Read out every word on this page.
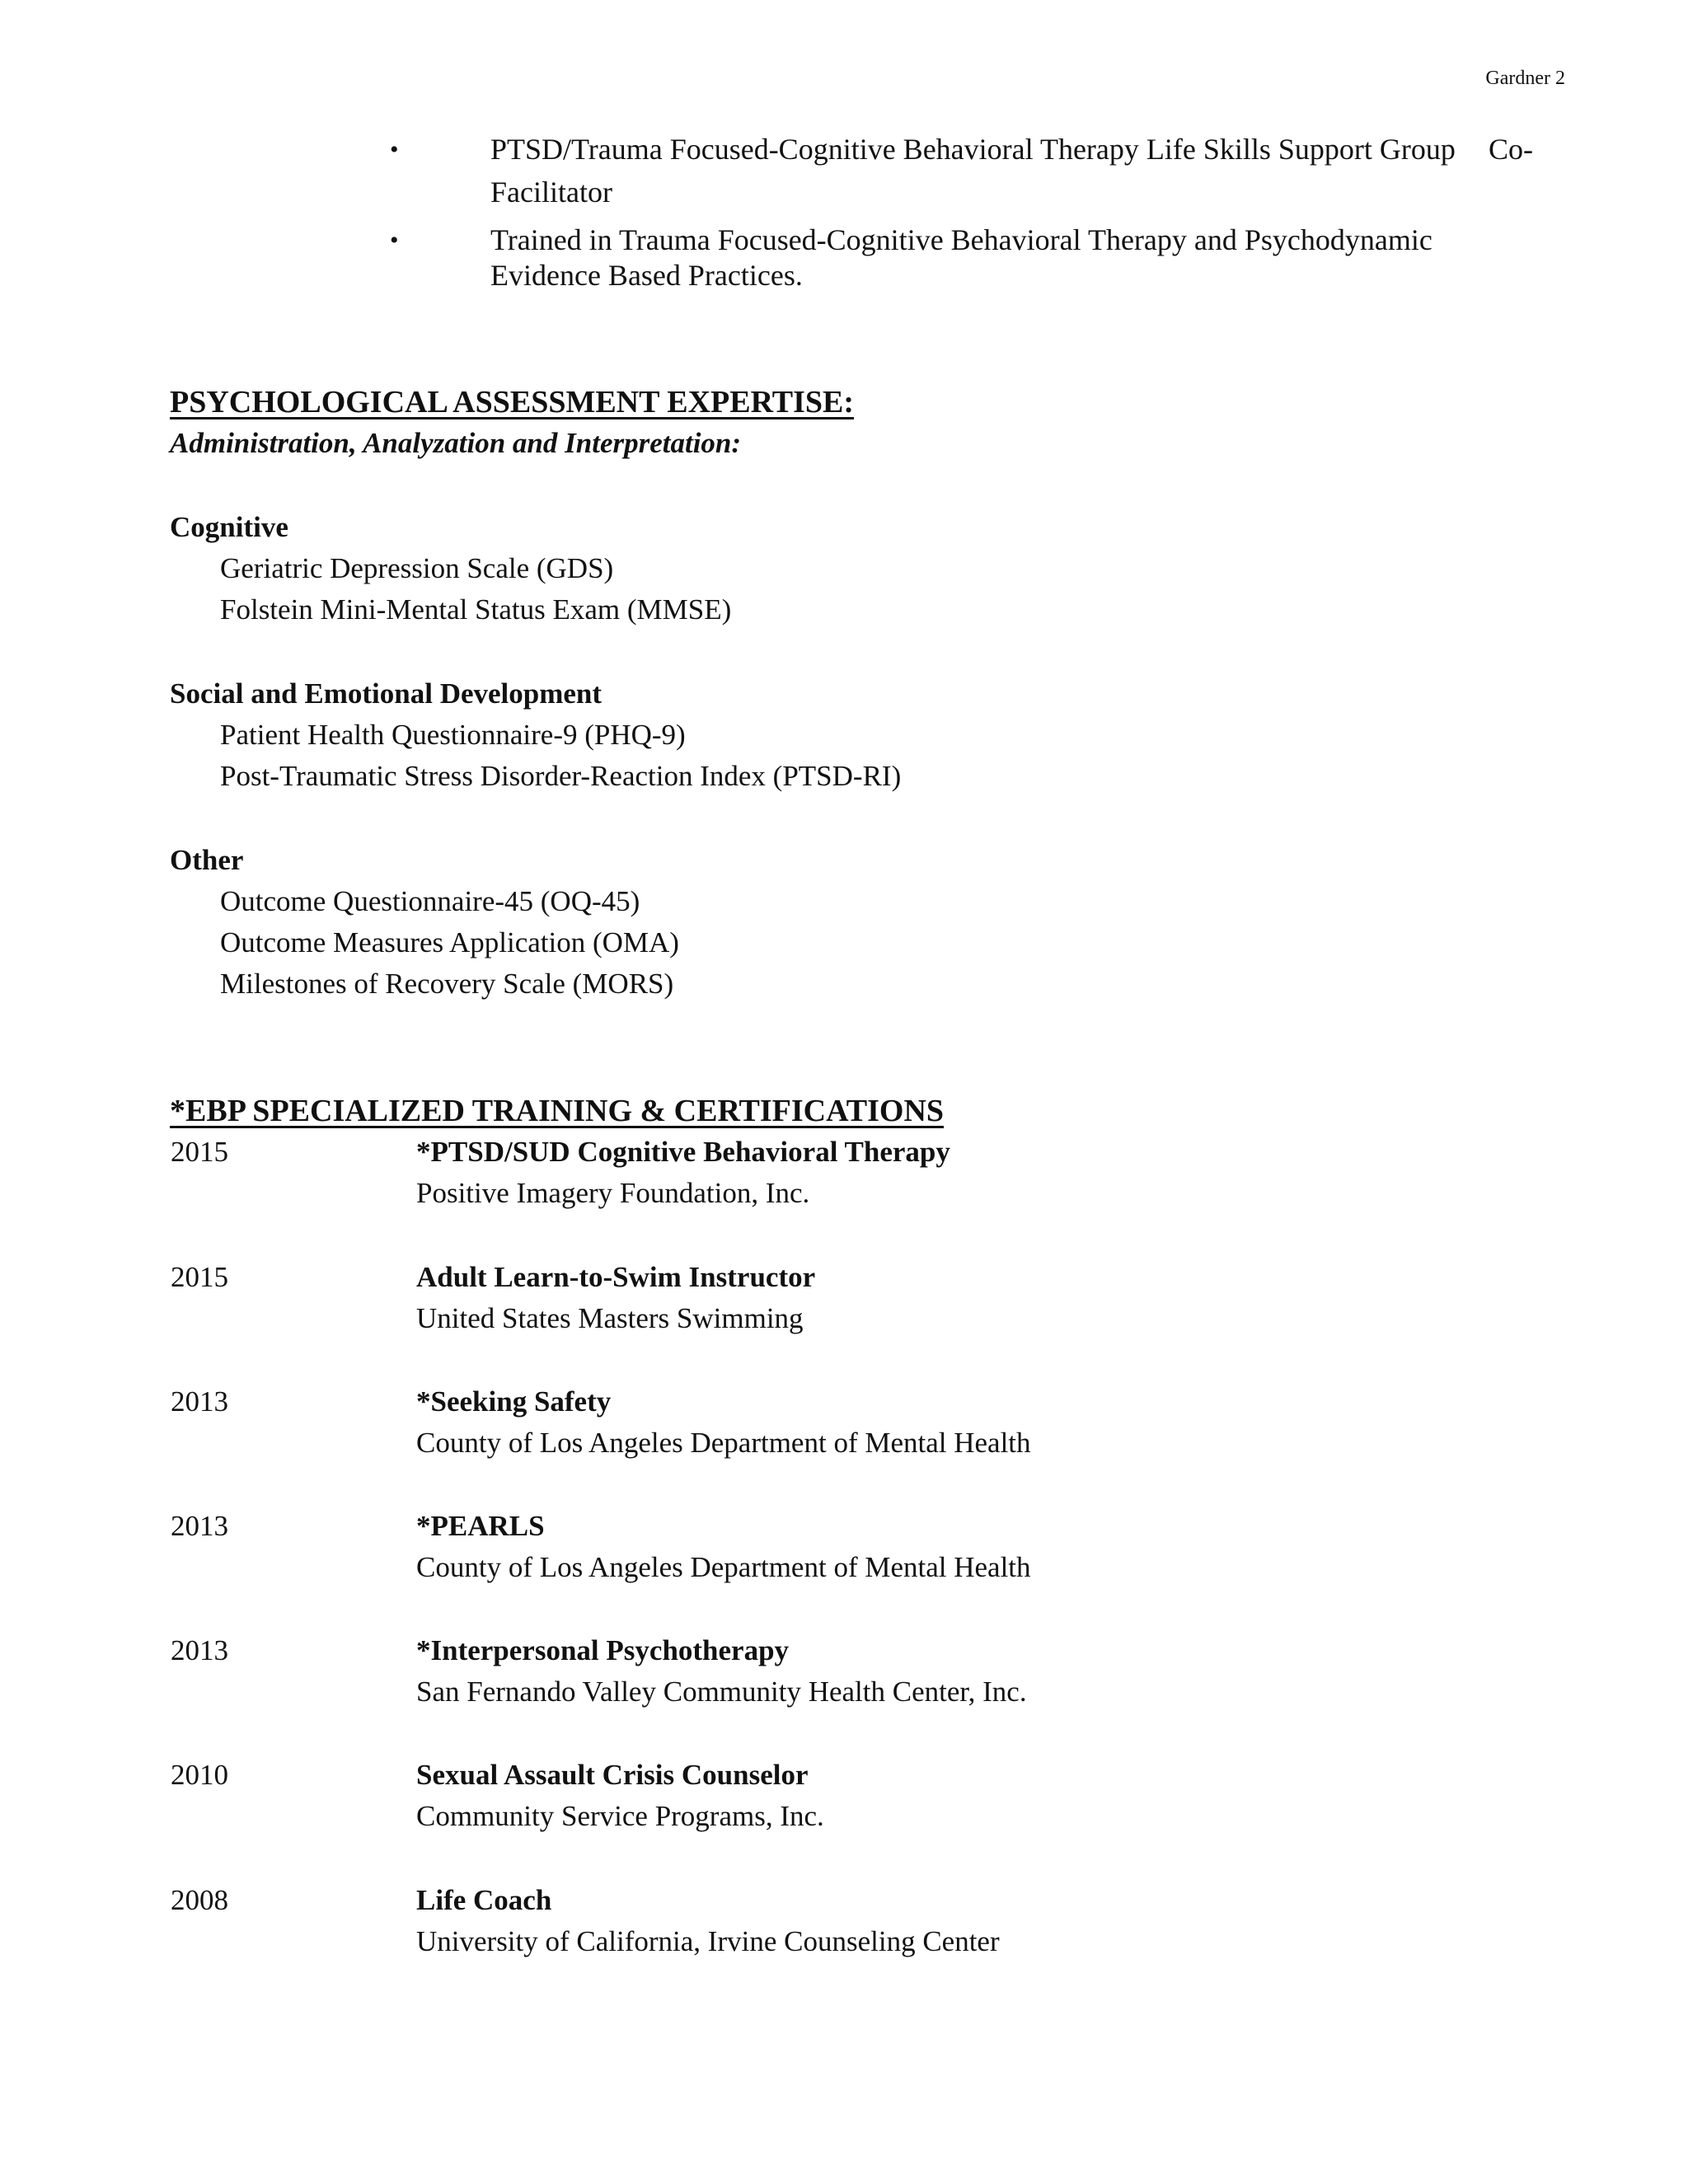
Gardner 2
•	PTSD/Trauma Focused-Cognitive Behavioral Therapy Life Skills Support Group Co-
Facilitator
•	Trained in Trauma Focused-Cognitive Behavioral Therapy and Psychodynamic
Evidence Based Practices.
PSYCHOLOGICAL ASSESSMENT EXPERTISE:
Administration, Analyzation and Interpretation:
Cognitive
Geriatric Depression Scale (GDS)
Folstein Mini-Mental Status Exam (MMSE)
Social and Emotional Development
Patient Health Questionnaire-9 (PHQ-9)
Post-Traumatic Stress Disorder-Reaction Index (PTSD-RI)
Other
Outcome Questionnaire-45 (OQ-45)
Outcome Measures Application (OMA)
Milestones of Recovery Scale (MORS)
*EBP SPECIALIZED TRAINING & CERTIFICATIONS
2015	*PTSD/SUD Cognitive Behavioral Therapy
Positive Imagery Foundation, Inc.
2015	Adult Learn-to-Swim Instructor
United States Masters Swimming
2013	*Seeking Safety
County of Los Angeles Department of Mental Health
2013	*PEARLS
County of Los Angeles Department of Mental Health
2013	*Interpersonal Psychotherapy
San Fernando Valley Community Health Center, Inc.
2010	Sexual Assault Crisis Counselor
Community Service Programs, Inc.
2008	Life Coach
University of California, Irvine Counseling Center
